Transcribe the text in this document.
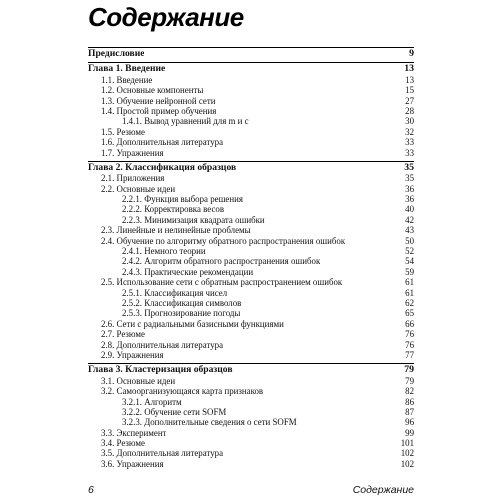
Содержание
Предисловие	9
Глава 1. Введение	13
1.1. Введение	13
1.2. Основные компоненты	15
1.3. Обучение нейронной сети	27
1.4. Простой пример обучения	28
1.4.1. Вывод уравнений для m и c	30
1.5. Резюме	32
1.6. Дополнительная литература	33
1.7. Упражнения	33
Глава 2. Классификация образцов	35
2.1. Приложения	35
2.2. Основные идеи	36
2.2.1. Функция выбора решения	36
2.2.2. Корректировка весов	40
2.2.3. Минимизация квадрата ошибки	42
2.3. Линейные и нелинейные проблемы	43
2.4. Обучение по алгоритму обратного распространения ошибок	50
2.4.1. Немного теории	52
2.4.2. Алгоритм обратного распространения ошибок	54
2.4.3. Практические рекомендации	59
2.5. Использование сети с обратным распространением ошибок	61
2.5.1. Классификация чисел	61
2.5.2. Классификация символов	62
2.5.3. Прогнозирование погоды	65
2.6. Сети с радиальными базисными функциями	66
2.7. Резюме	76
2.8. Дополнительная литература	76
2.9. Упражнения	77
Глава 3. Кластеризация образцов	79
3.1. Основные идеи	79
3.2. Самоорганизующаяся карта признаков	82
3.2.1. Алгоритм	86
3.2.2. Обучение сети SOFM	87
3.2.3. Дополнительные сведения о сети SOFM	96
3.3. Эксперимент	99
3.4. Резюме	101
3.5. Дополнительная литература	102
3.6. Упражнения	102
6	Содержание
